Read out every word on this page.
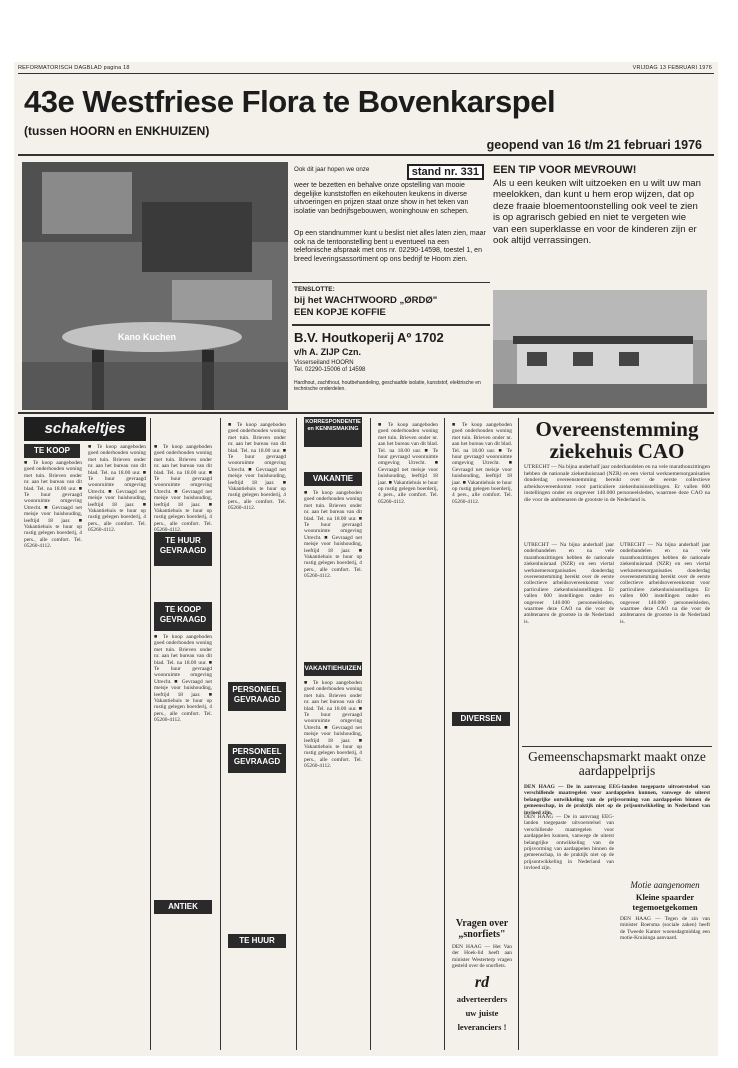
REFORMATORISCH DAGBLAD pagina 18	VRIJDAG 13 FEBRUARI 1976
43e Westfriese Flora te Bovenkarspel
(tussen HOORN en ENKHUIZEN)
geopend van 16 t/m 21 februari 1976
Kano Kuchen
Ook dit jaar hopen we onze	stand nr. 331
weer te bezetten en behalve onze opstelling van mooie degelijke kunststoffen en eikehouten keukens in diverse uitvoeringen en prijzen staat onze show in het teken van isolatie van bedrijfsgebouwen, woninghouw en schepen.
Op een standnummer kunt u beslist niet alles laten zien, maar ook na de tentoonstelling bent u eventueel na een telefonische afspraak met ons nr. 02290-14598, toestel 1, en breed leveringsassortiment op ons bedrijf te Hoorn zien.
TENSLOTTE:
bij het WACHTWOORD „ØRDØ"
EEN KOPJE KOFFIE
B.V. Houtkoperij Aº 1702
v/h A. ZIJP Czn.
Visserseiland HOORN
Tel. 02290-15006 of 14598
Hardhout, zachthout, houtbehandeling, geschaafde isolatie, kunststof, elektrische en technische onderdelen.
EEN TIP VOOR MEVROUW!
Als u een keuken wilt uitzoeken en u wilt uw man meelokken, dan kunt u hem erop wijzen, dat op deze fraaie bloementoonstelling ook veel te zien is op agrarisch gebied en niet te vergeten wie van een superklasse en voor de kinderen zijn er ook altijd verrassingen.
schakeltjes
TE KOOP
TE HUUR GEVRAAGD
TE KOOP GEVRAAGD
PERSONEEL GEVRAAGD
PERSONEEL GEVRAAGD
ANTIEK
TE HUUR
KORRESPONDENTIE en KENNISMAKING
VAKANTIE
VAKANTIEHUIZEN
DIVERSEN
■ Te koop aangeboden goed onderhouden woning met tuin. Brieven onder nr. aan het bureau van dit blad. Tel. na 18.00 uur. ■ Te huur gevraagd woonruimte omgeving Utrecht. ■ Gevraagd net meisje voor huishouding, leeftijd 18 jaar. ■ Vakantiehuis te huur op rustig gelegen boerderij, 4 pers., alle comfort. Tel. 05260-4112.
■ Te koop aangeboden goed onderhouden woning met tuin. Brieven onder nr. aan het bureau van dit blad. Tel. na 18.00 uur. ■ Te huur gevraagd woonruimte omgeving Utrecht. ■ Gevraagd net meisje voor huishouding, leeftijd 18 jaar. ■ Vakantiehuis te huur op rustig gelegen boerderij, 4 pers., alle comfort. Tel. 05260-4112.
■ Te koop aangeboden goed onderhouden woning met tuin. Brieven onder nr. aan het bureau van dit blad. Tel. na 18.00 uur. ■ Te huur gevraagd woonruimte omgeving Utrecht. ■ Gevraagd net meisje voor huishouding, leeftijd 18 jaar. ■ Vakantiehuis te huur op rustig gelegen boerderij, 4 pers., alle comfort. Tel. 05260-4112.
■ Te koop aangeboden goed onderhouden woning met tuin. Brieven onder nr. aan het bureau van dit blad. Tel. na 18.00 uur. ■ Te huur gevraagd woonruimte omgeving Utrecht. ■ Gevraagd net meisje voor huishouding, leeftijd 18 jaar. ■ Vakantiehuis te huur op rustig gelegen boerderij, 4 pers., alle comfort. Tel. 05260-4112.
■ Te koop aangeboden goed onderhouden woning met tuin. Brieven onder nr. aan het bureau van dit blad. Tel. na 18.00 uur. ■ Te huur gevraagd woonruimte omgeving Utrecht. ■ Gevraagd net meisje voor huishouding, leeftijd 18 jaar. ■ Vakantiehuis te huur op rustig gelegen boerderij, 4 pers., alle comfort. Tel. 05260-4112.
■ Te koop aangeboden goed onderhouden woning met tuin. Brieven onder nr. aan het bureau van dit blad. Tel. na 18.00 uur. ■ Te huur gevraagd woonruimte omgeving Utrecht. ■ Gevraagd net meisje voor huishouding, leeftijd 18 jaar. ■ Vakantiehuis te huur op rustig gelegen boerderij, 4 pers., alle comfort. Tel. 05260-4112.
■ Te koop aangeboden goed onderhouden woning met tuin. Brieven onder nr. aan het bureau van dit blad. Tel. na 18.00 uur. ■ Te huur gevraagd woonruimte omgeving Utrecht. ■ Gevraagd net meisje voor huishouding, leeftijd 18 jaar. ■ Vakantiehuis te huur op rustig gelegen boerderij, 4 pers., alle comfort. Tel. 05260-4112.
■ Te koop aangeboden goed onderhouden woning met tuin. Brieven onder nr. aan het bureau van dit blad. Tel. na 18.00 uur. ■ Te huur gevraagd woonruimte omgeving Utrecht. ■ Gevraagd net meisje voor huishouding, leeftijd 18 jaar. ■ Vakantiehuis te huur op rustig gelegen boerderij, 4 pers., alle comfort. Tel. 05260-4112.
■ Te koop aangeboden goed onderhouden woning met tuin. Brieven onder nr. aan het bureau van dit blad. Tel. na 18.00 uur. ■ Te huur gevraagd woonruimte omgeving Utrecht. ■ Gevraagd net meisje voor huishouding, leeftijd 18 jaar. ■ Vakantiehuis te huur op rustig gelegen boerderij, 4 pers., alle comfort. Tel. 05260-4112.
Overeenstemming ziekehuis CAO
UTRECHT — Na bijna anderhalf jaar onderhandelen en na vele marathonzittingen hebben de nationale ziekenhuisraad (NZR) en een viertal werknemersorganisaties donderdag overeenstemming bereikt over de eerste collectieve arbeidsovereenkomst voor particuliere ziekenhuisinstellingen. Er vallen 600 instellingen onder en ongeveer 140.000 personeelsleden, waarmee deze CAO na die voor de ambtenaren de grootste in de Nederland is.
UTRECHT — Na bijna anderhalf jaar onderhandelen en na vele marathonzittingen hebben de nationale ziekenhuisraad (NZR) en een viertal werknemersorganisaties donderdag overeenstemming bereikt over de eerste collectieve arbeidsovereenkomst voor particuliere ziekenhuisinstellingen. Er vallen 600 instellingen onder en ongeveer 140.000 personeelsleden, waarmee deze CAO na die voor de ambtenaren de grootste in de Nederland is.
UTRECHT — Na bijna anderhalf jaar onderhandelen en na vele marathonzittingen hebben de nationale ziekenhuisraad (NZR) en een viertal werknemersorganisaties donderdag overeenstemming bereikt over de eerste collectieve arbeidsovereenkomst voor particuliere ziekenhuisinstellingen. Er vallen 600 instellingen onder en ongeveer 140.000 personeelsleden, waarmee deze CAO na die voor de ambtenaren de grootste in de Nederland is.
Gemeenschapsmarkt maakt onze aardappelprijs
DEN HAAG — De in aanvraag EEG-landen toegepaste uitvoerstelsel van verschillende maatregelen voor aardappelen kunnen, vanwege de uiterst belangrijke ontwikkeling van de prijsvorming van aardappelen binnen de gemeenschap, in de praktijk niet op de prijsontwikkeling in Nederland van invloed zijn.
DEN HAAG — De in aanvraag EEG-landen toegepaste uitvoerstelsel van verschillende maatregelen voor aardappelen kunnen, vanwege de uiterst belangrijke ontwikkeling van de prijsvorming van aardappelen binnen de gemeenschap, in de praktijk niet op de prijsontwikkeling in Nederland van invloed zijn.
Motie aangenomen
Kleine spaarder tegemoetgekomen
DEN HAAG — Tegen de zin van minister Boersma (sociale zaken) heeft de Tweede Kamer woensdagmiddag een motie-Kruisinga aanvaard.
Vragen over „snorfiets"
DEN HAAG — Het Van der Hoek-lid heeft aan minister Westerterp vragen gesteld over de snorfiets.
rd
adverteerders
uw juiste
leveranciers !
